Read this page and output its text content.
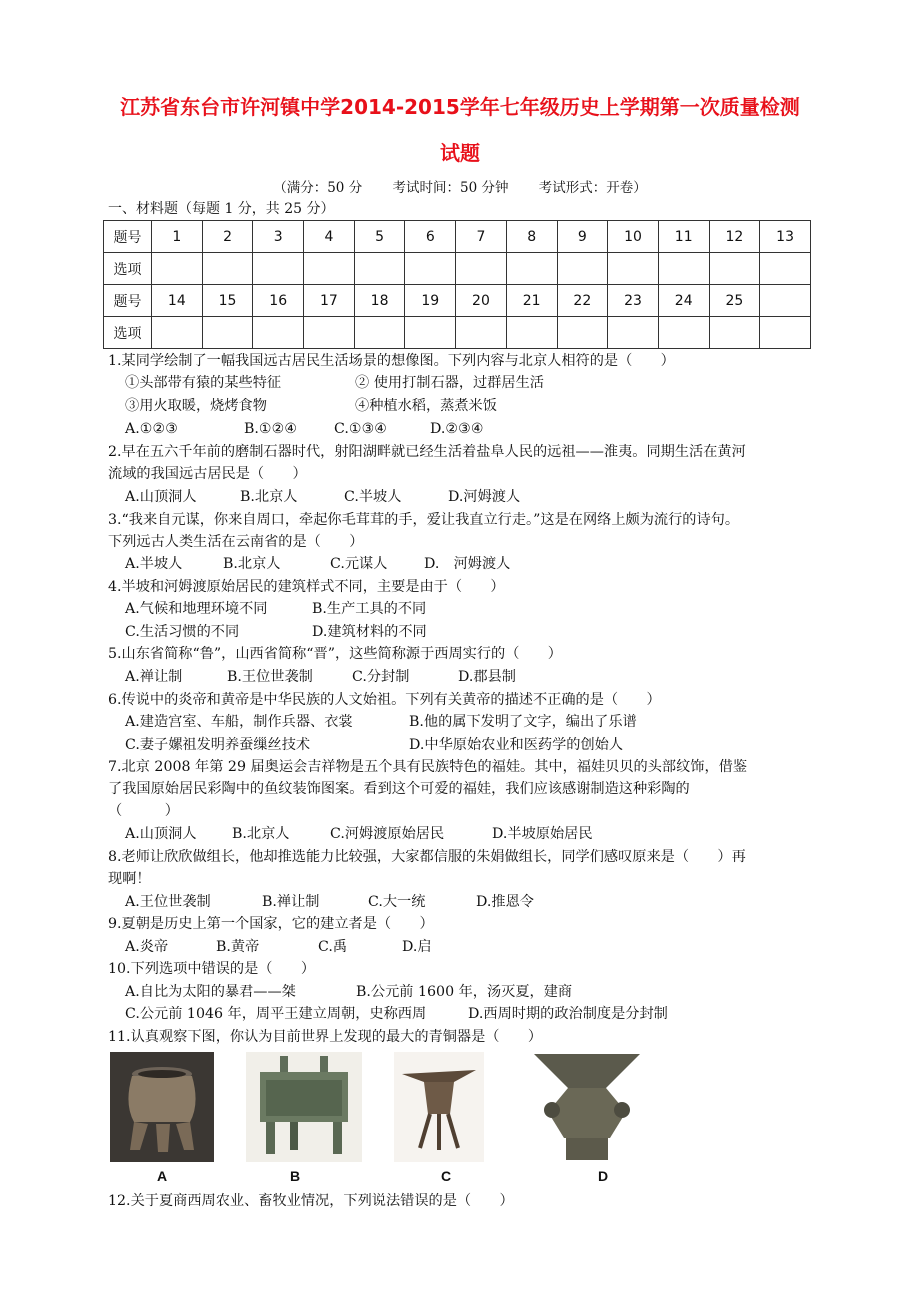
江苏省东台市许河镇中学2014-2015学年七年级历史上学期第一次质量检测
试题
（满分：50 分 考试时间：50 分钟 考试形式：开卷）
一、材料题（每题 1 分，共 25 分）
题号	1	2	3	4	5	6	7	8	9	10	11	12	13
选项													
题号	14	15	16	17	18	19	20	21	22	23	24	25	
选项													
1.某同学绘制了一幅我国远古居民生活场景的想像图。下列内容与北京人相符的是（　　）
①头部带有猿的某些特征	② 使用打制石器，过群居生活
③用火取暖，烧烤食物	④种植水稻，蒸煮米饭
A.①②③	B.①②④	C.①③④	D.②③④
2.早在五六千年前的磨制石器时代，射阳湖畔就已经生活着盐阜人民的远祖——淮夷。同期生活在黄河
流域的我国远古居民是（　　）
A.山顶洞人	B.北京人	C.半坡人	D.河姆渡人
3.“我来自元谋，你来自周口，牵起你毛茸茸的手，爱让我直立行走。”这是在网络上颇为流行的诗句。
下列远古人类生活在云南省的是（　　）
A.半坡人	B.北京人	C.元谋人	D.　河姆渡人
4.半坡和河姆渡原始居民的建筑样式不同，主要是由于（　　）
A.气候和地理环境不同	B.生产工具的不同
C.生活习惯的不同	D.建筑材料的不同
5.山东省简称“鲁”，山西省简称“晋”，这些简称源于西周实行的（　　）
A.禅让制	B.王位世袭制	C.分封制	D.郡县制
6.传说中的炎帝和黄帝是中华民族的人文始祖。下列有关黄帝的描述不正确的是（　　）
A.建造宫室、车船，制作兵器、衣裳	B.他的属下发明了文字，编出了乐谱
C.妻子嫘祖发明养蚕缫丝技术	D.中华原始农业和医药学的创始人
7.北京 2008 年第 29 届奥运会吉祥物是五个具有民族特色的福娃。其中，福娃贝贝的头部纹饰，借鉴
了我国原始居民彩陶中的鱼纹装饰图案。看到这个可爱的福娃，我们应该感谢制造这种彩陶的
（　　　）
A.山顶洞人 B.北京人	C.河姆渡原始居民	D.半坡原始居民
8.老师让欣欣做组长，他却推选能力比较强，大家都信服的朱娟做组长，同学们感叹原来是（　　）再
现啊！
A.王位世袭制	B.禅让制	C.大一统	D.推恩令
9.夏朝是历史上第一个国家，它的建立者是（　　）
A.炎帝	B.黄帝	C.禹	D.启
10.下列选项中错误的是（　　）
A.自比为太阳的暴君——桀	B.公元前 1600 年，汤灭夏，建商
C.公元前 1046 年，周平王建立周朝，史称西周	D.西周时期的政治制度是分封制
11.认真观察下图，你认为目前世界上发现的最大的青铜器是（　　）
A	B	C	D
12.关于夏商西周农业、畜牧业情况，下列说法错误的是（　　）
